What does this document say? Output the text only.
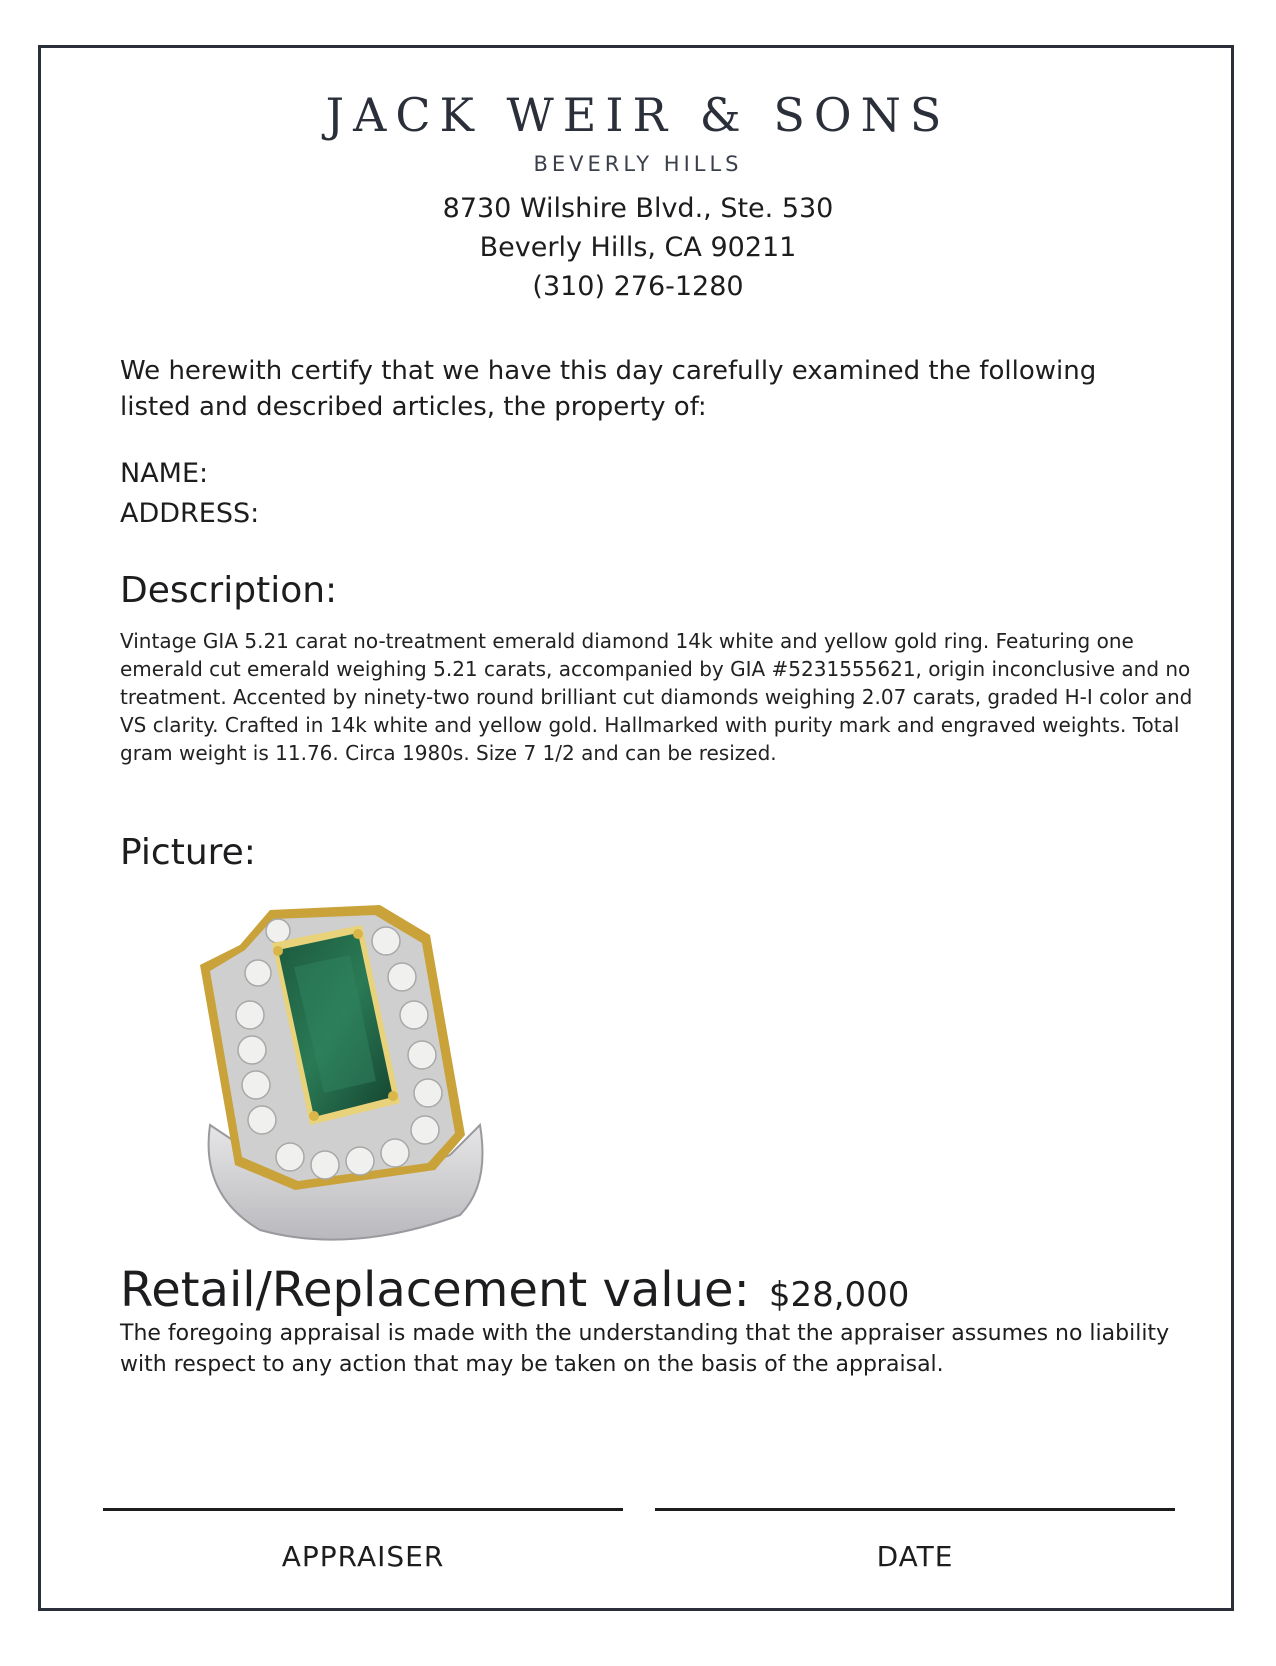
JACK WEIR & SONS
BEVERLY HILLS
8730 Wilshire Blvd., Ste. 530
Beverly Hills, CA 90211
(310) 276-1280
We herewith certify that we have this day carefully examined the following listed and described articles, the property of:
NAME:
ADDRESS:
Description:
Vintage GIA 5.21 carat no-treatment emerald diamond 14k white and yellow gold ring. Featuring one emerald cut emerald weighing 5.21 carats, accompanied by GIA #5231555621, origin inconclusive and no treatment. Accented by ninety-two round brilliant cut diamonds weighing 2.07 carats, graded H-I color and VS clarity. Crafted in 14k white and yellow gold. Hallmarked with purity mark and engraved weights. Total gram weight is 11.76. Circa 1980s. Size 7 1/2 and can be resized.
Picture:
Retail/Replacement value: $28,000
The foregoing appraisal is made with the understanding that the appraiser assumes no liability with respect to any action that may be taken on the basis of the appraisal.
APPRAISER	DATE
